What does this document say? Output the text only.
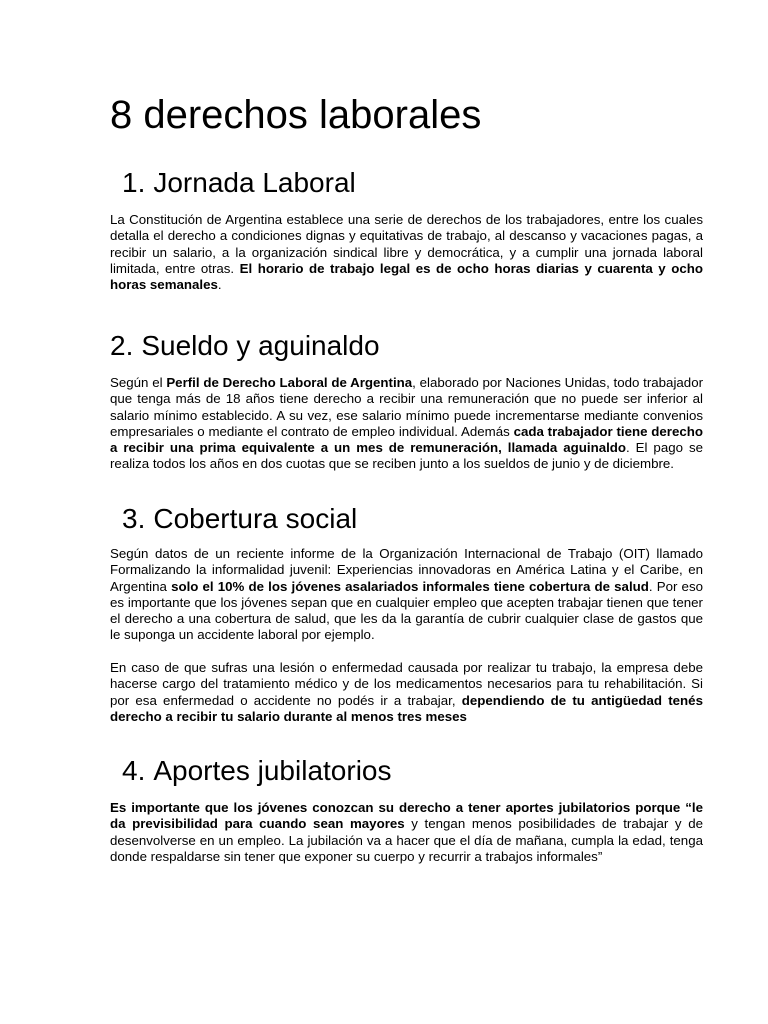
8 derechos laborales
1. Jornada Laboral

La Constitución de Argentina establece una serie de derechos de los trabajadores, entre los cuales detalla el derecho a condiciones dignas y equitativas de trabajo, al descanso y vacaciones pagas, a recibir un salario, a la organización sindical libre y democrática, y a cumplir una jornada laboral limitada, entre otras. El horario de trabajo legal es de ocho horas diarias y cuarenta y ocho horas semanales.

2. Sueldo y aguinaldo

Según el Perfil de Derecho Laboral de Argentina, elaborado por Naciones Unidas, todo trabajador que tenga más de 18 años tiene derecho a recibir una remuneración que no puede ser inferior al salario mínimo establecido. A su vez, ese salario mínimo puede incrementarse mediante convenios empresariales o mediante el contrato de empleo individual. Además cada trabajador tiene derecho a recibir una prima equivalente a un mes de remuneración, llamada aguinaldo. El pago se realiza todos los años en dos cuotas que se reciben junto a los sueldos de junio y de diciembre.

3. Cobertura social

Según datos de un reciente informe de la Organización Internacional de Trabajo (OIT) llamado Formalizando la informalidad juvenil: Experiencias innovadoras en América Latina y el Caribe, en Argentina solo el 10% de los jóvenes asalariados informales tiene cobertura de salud. Por eso es importante que los jóvenes sepan que en cualquier empleo que acepten trabajar tienen que tener el derecho a una cobertura de salud, que les da la garantía de cubrir cualquier clase de gastos que le suponga un accidente laboral por ejemplo.

En caso de que sufras una lesión o enfermedad causada por realizar tu trabajo, la empresa debe hacerse cargo del tratamiento médico y de los medicamentos necesarios para tu rehabilitación. Si por esa enfermedad o accidente no podés ir a trabajar, dependiendo de tu antigüedad tenés derecho a recibir tu salario durante al menos tres meses

4. Aportes jubilatorios

Es importante que los jóvenes conozcan su derecho a tener aportes jubilatorios porque “le da previsibilidad para cuando sean mayores y tengan menos posibilidades de trabajar y de desenvolverse en un empleo. La jubilación va a hacer que el día de mañana, cumpla la edad, tenga donde respaldarse sin tener que exponer su cuerpo y recurrir a trabajos informales”
